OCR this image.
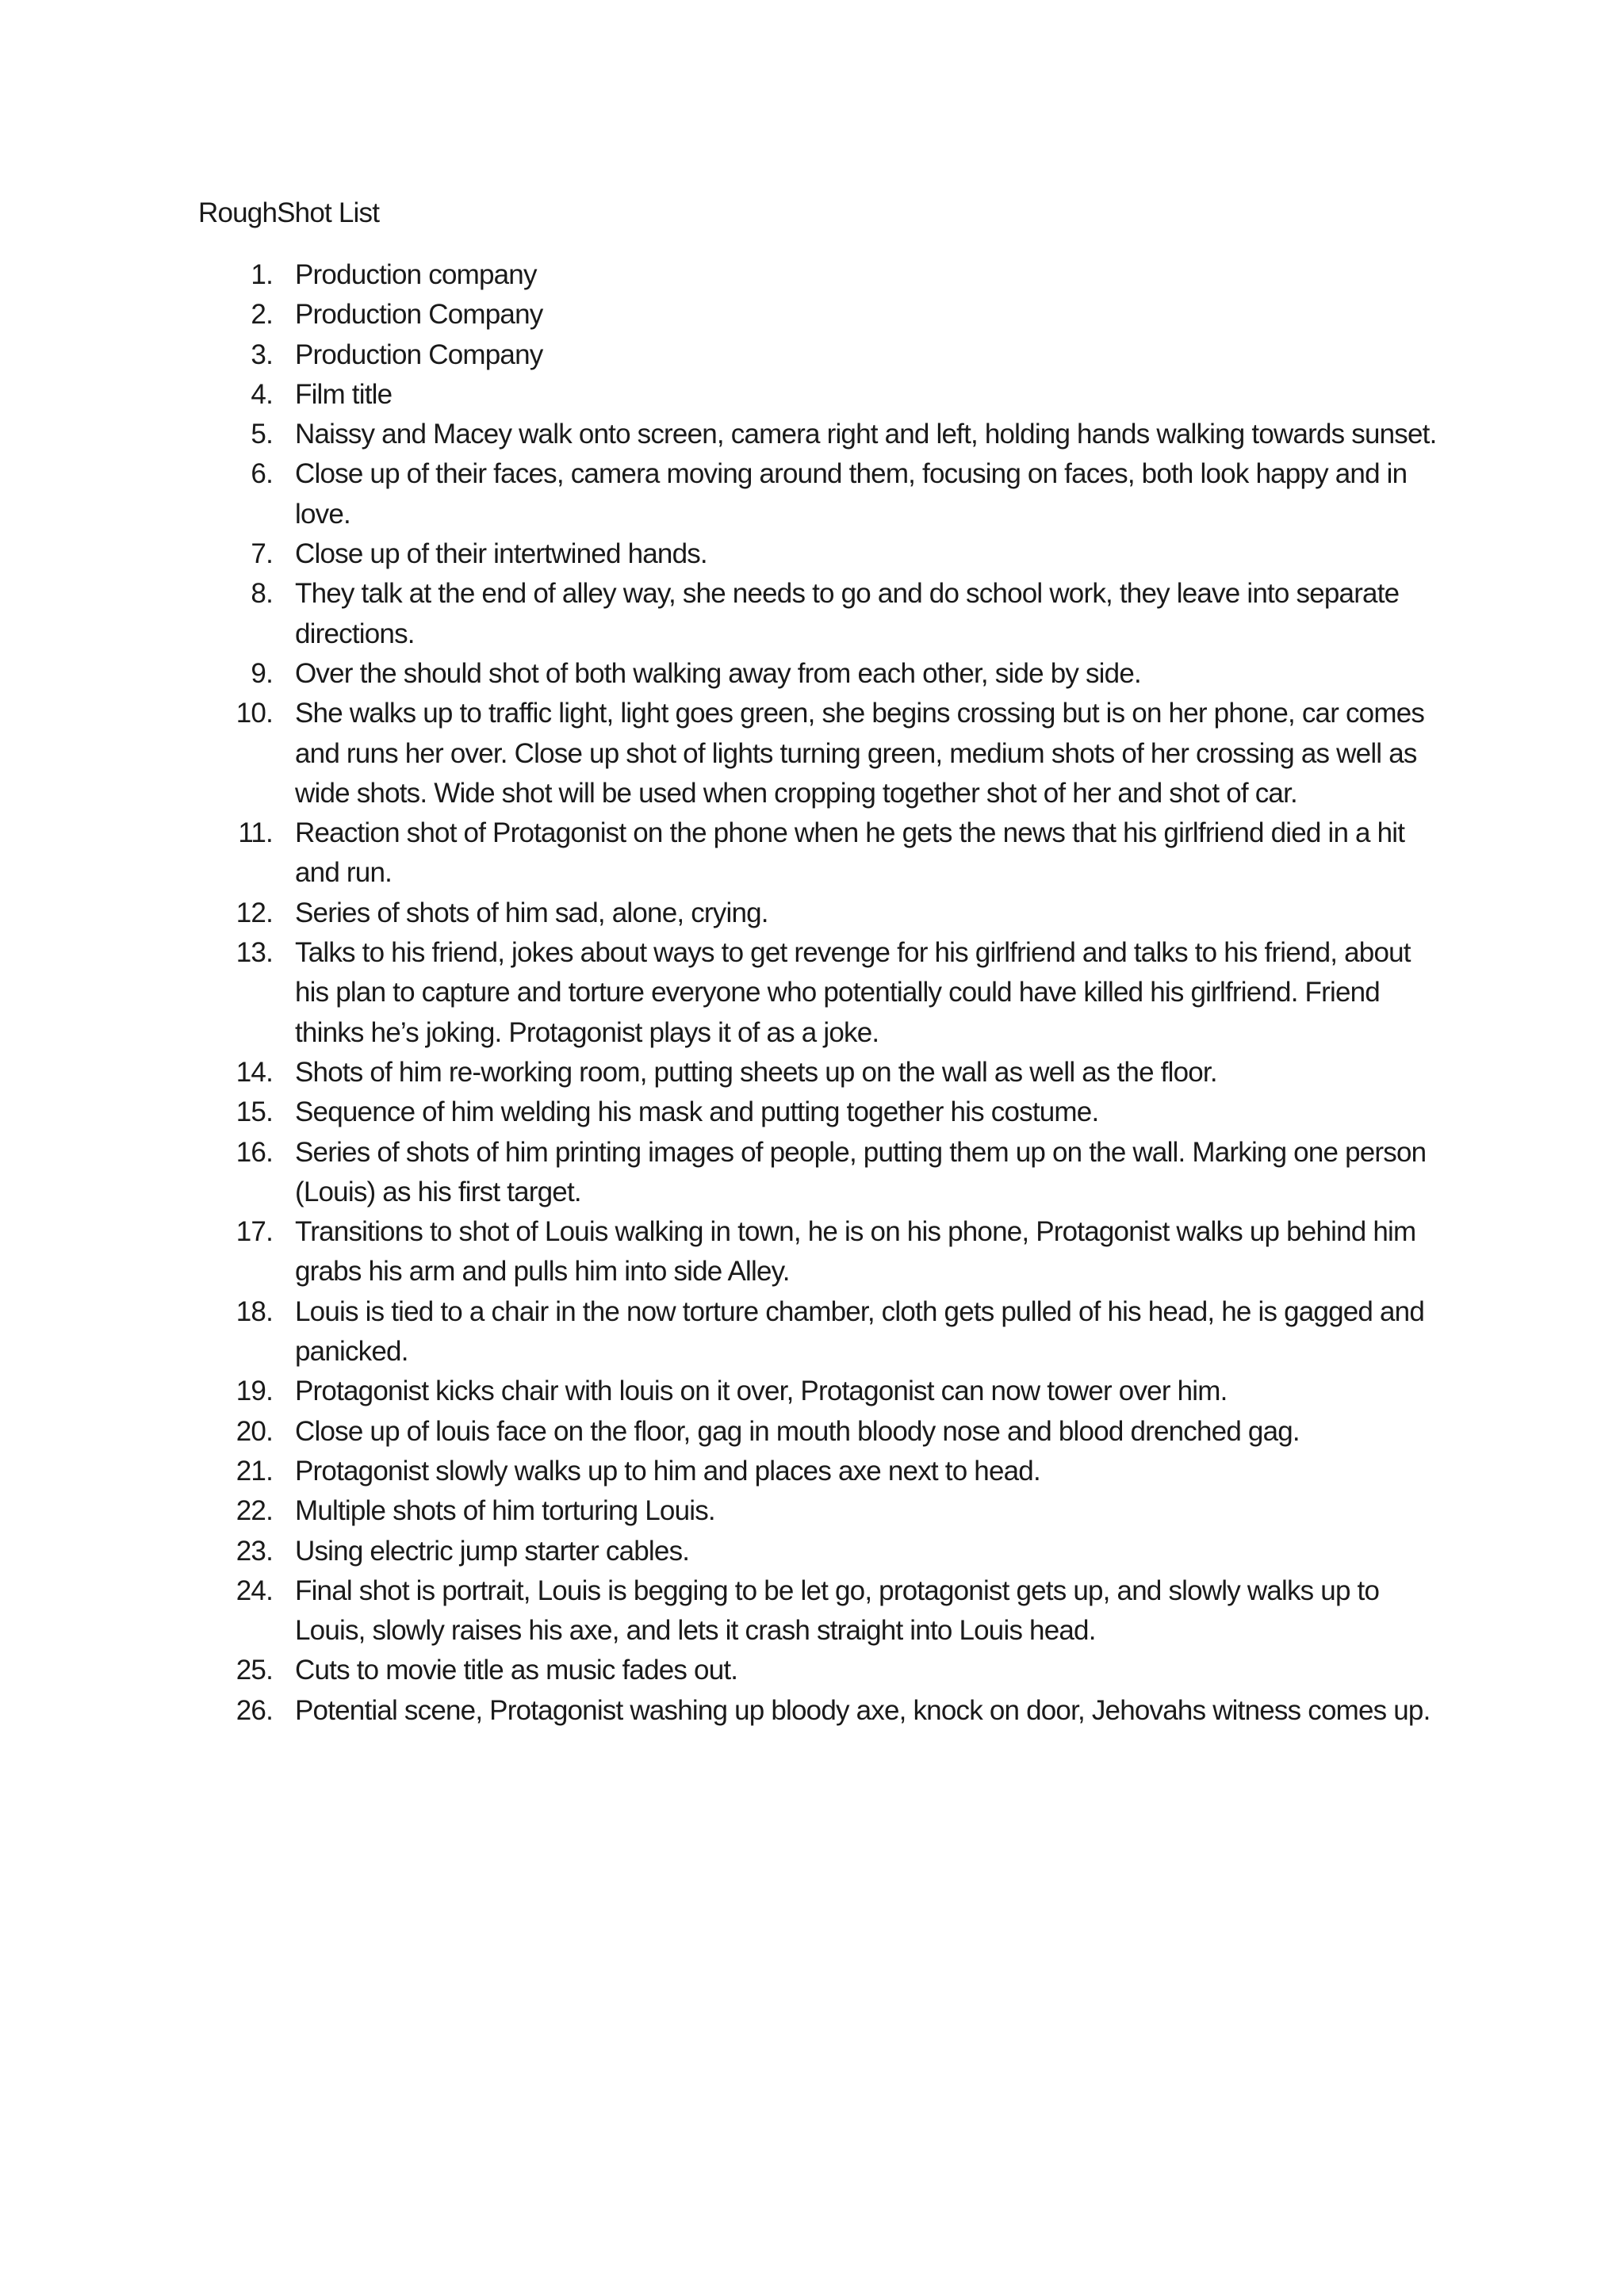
RoughShot List
1. Production company
2. Production Company
3. Production Company
4. Film title
5. Naissy and Macey walk onto screen, camera right and left, holding hands walking towards sunset.
6. Close up of their faces, camera moving around them, focusing on faces, both look happy and in love.
7. Close up of their intertwined hands.
8. They talk at the end of alley way, she needs to go and do school work, they leave into separate directions.
9. Over the should shot of both walking away from each other, side by side.
10. She walks up to traffic light, light goes green, she begins crossing but is on her phone, car comes and runs her over. Close up shot of lights turning green, medium shots of her crossing as well as wide shots. Wide shot will be used when cropping together shot of her and shot of car.
11. Reaction shot of Protagonist on the phone when he gets the news that his girlfriend died in a hit and run.
12. Series of shots of him sad, alone, crying.
13. Talks to his friend, jokes about ways to get revenge for his girlfriend and talks to his friend, about his plan to capture and torture everyone who potentially could have killed his girlfriend. Friend thinks he’s joking. Protagonist plays it of as a joke.
14. Shots of him re-working room, putting sheets up on the wall as well as the floor.
15. Sequence of him welding his mask and putting together his costume.
16. Series of shots of him printing images of people, putting them up on the wall. Marking one person (Louis) as his first target.
17. Transitions to shot of Louis walking in town, he is on his phone, Protagonist walks up behind him grabs his arm and pulls him into side Alley.
18. Louis is tied to a chair in the now torture chamber, cloth gets pulled of his head, he is gagged and panicked.
19. Protagonist kicks chair with louis on it over, Protagonist can now tower over him.
20. Close up of louis face on the floor, gag in mouth bloody nose and blood drenched gag.
21. Protagonist slowly walks up to him and places axe next to head.
22. Multiple shots of him torturing Louis.
23. Using electric jump starter cables.
24. Final shot is portrait, Louis is begging to be let go, protagonist gets up, and slowly walks up to Louis, slowly raises his axe, and lets it crash straight into Louis head.
25. Cuts to movie title as music fades out.
26. Potential scene, Protagonist washing up bloody axe, knock on door, Jehovahs witness comes up.
